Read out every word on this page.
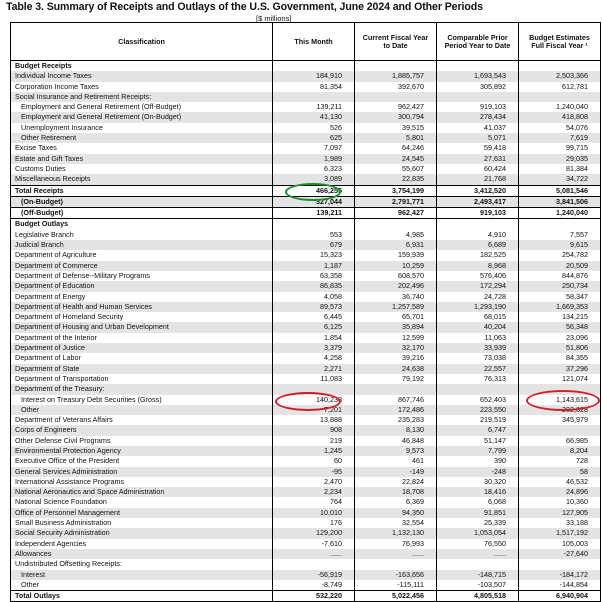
Table 3. Summary of Receipts and Outlays of the U.S. Government, June 2024 and Other Periods
[$ millions]
Classification	This Month	Current Fiscal Year to Date	Comparable Prior Period Year to Date	Budget Estimates Full Fiscal Year ¹
Budget Receipts				
Individual Income Taxes	184,910	1,885,757	1,693,543	2,503,366
Corporation Income Taxes	81,354	392,670	305,892	612,781
Social Insurance and Retirement Receipts:				
Employment and General Retirement (Off-Budget)	139,211	962,427	919,103	1,240,040
Employment and General Retirement (On-Budget)	41,130	300,794	278,434	418,808
Unemployment Insurance	526	39,515	41,037	54,076
Other Retirement	625	5,801	5,071	7,619
Excise Taxes	7,097	64,246	59,418	99,715
Estate and Gift Taxes	1,989	24,545	27,631	29,035
Customs Duties	6,323	55,607	60,424	81,384
Miscellaneous Receipts	3,089	22,835	21,768	34,722
Total Receipts	466,255	3,754,199	3,412,520	5,081,546
(On-Budget)	327,044	2,791,771	2,493,417	3,841,506
(Off-Budget)	139,211	962,427	919,103	1,240,040
Budget Outlays				
Legislative Branch	553	4,985	4,910	7,557
Judicial Branch	679	6,931	6,689	9,615
Department of Agriculture	15,323	159,939	182,525	254,782
Department of Commerce	1,187	10,259	8,968	20,509
Department of Defense--Military Programs	63,358	608,570	576,406	844,876
Department of Education	86,835	202,496	172,294	250,734
Department of Energy	4,058	36,740	24,728	58,347
Department of Health and Human Services	89,573	1,257,589	1,293,190	1,669,353
Department of Homeland Security	6,445	65,701	68,015	134,215
Department of Housing and Urban Development	6,125	35,894	40,204	56,348
Department of the Interior	1,854	12,599	11,063	23,096
Department of Justice	3,379	32,170	33,939	51,806
Department of Labor	4,258	39,216	73,038	84,355
Department of State	2,271	24,638	22,557	37,296
Department of Transportation	11,083	79,192	76,313	121,074
Department of the Treasury:				
Interest on Treasury Debt Securities (Gross)	140,238	867,746	652,403	1,143,615
Other	7,201	172,486	223,550	202,028
Department of Veterans Affairs	13,888	235,283	219,519	345,979
Corps of Engineers	908	8,130	6,747	
Other Defense Civil Programs	219	46,848	51,147	66,985
Environmental Protection Agency	1,245	9,573	7,799	8,204
Executive Office of the President	60	461	390	728
General Services Administration	-95	-149	-248	58
International Assistance Programs	2,470	22,824	30,320	46,532
National Aeronautics and Space Administration	2,234	18,708	18,416	24,896
National Science Foundation	764	6,369	6,068	10,360
Office of Personnel Management	10,010	94,350	91,851	127,905
Small Business Administration	176	32,554	25,339	33,188
Social Security Administration	129,200	1,132,130	1,053,054	1,517,192
Independent Agencies	-7,610	76,993	76,550	105,003
Allowances	......	......	......	-27,640
Undistributed Offsetting Receipts:				
Interest	-56,919	-163,656	-148,715	-184,172
Other	-8,749	-115,111	-103,507	-144,854
Total Outlays	532,220	5,022,456	4,805,518	6,940,904
